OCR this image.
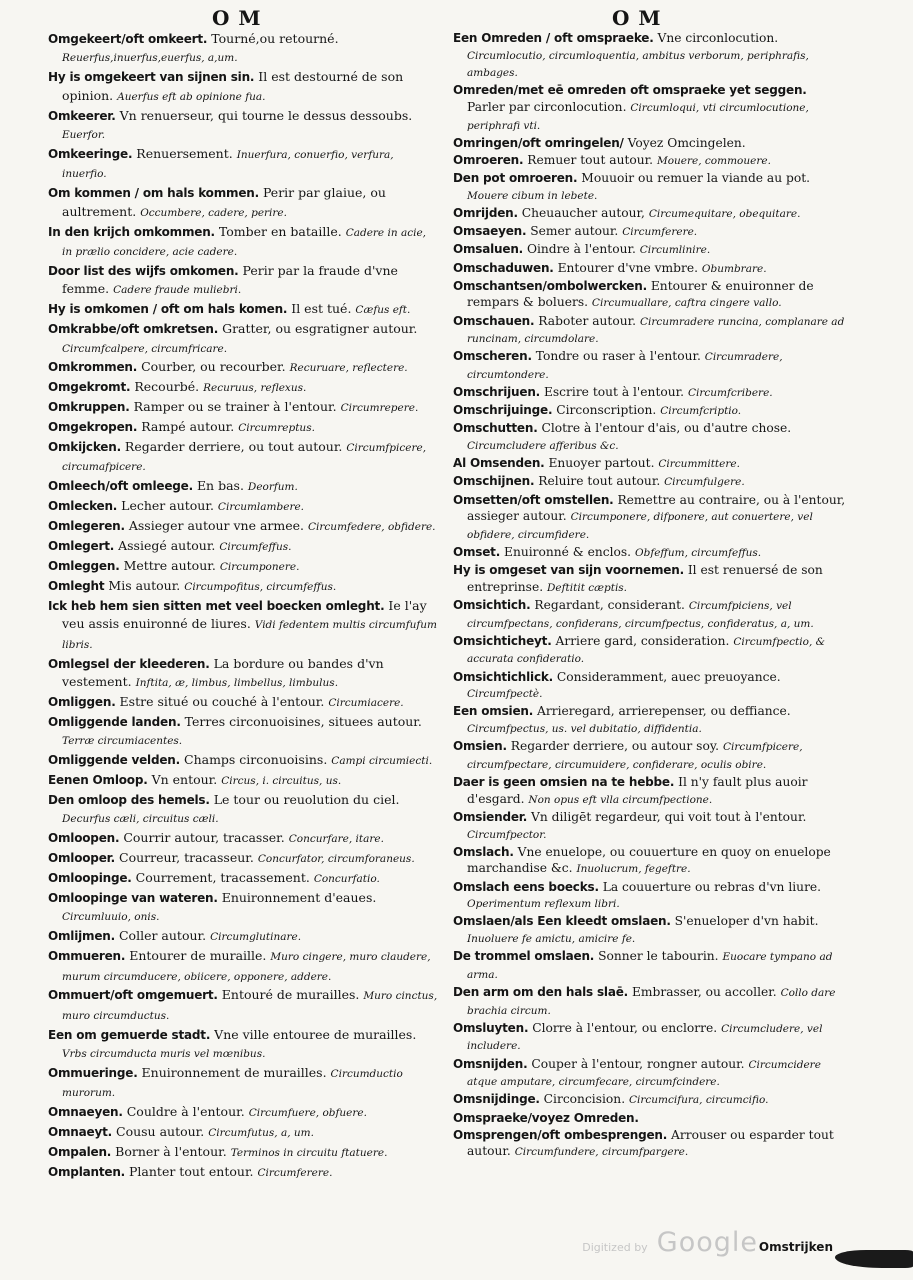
O M	O M
Omgekeert/oft omkeert. Tourné,ou retourné. Reuerfus,inuerfus,euerfus, a,um.
Hy is omgekeert van sijnen sin. Il est destourné de son opinion. Auerfus eft ab opinione fua.
Omkeerer. Vn renuerseur, qui tourne le dessus dessoubs. Euerfor.
Omkeeringe. Renuersement. Inuerfura, conuerfio, verfura, inuerfio.
Om kommen / om hals kommen. Perir par glaiue, ou aultrement. Occumbere, cadere, perire.
In den krijch omkommen. Tomber en bataille. Cadere in acie, in prælio concidere, acie cadere.
Door list des wijfs omkomen. Perir par la fraude d'vne femme. Cadere fraude muliebri.
Hy is omkomen / oft om hals komen. Il est tué. Cæfus eft.
Omkrabbe/oft omkretsen. Gratter, ou esgratigner autour. Circumfcalpere, circumfricare.
Omkrommen. Courber, ou recourber. Recuruare, reflectere.
Omgekromt. Recourbé. Recuruus, reflexus.
Omkruppen. Ramper ou se trainer à l'entour. Circumrepere.
Omgekropen. Rampé autour. Circumreptus.
Omkijcken. Regarder derriere, ou tout autour. Circumfpicere, circumafpicere.
Omleech/oft omleege. En bas. Deorfum.
Omlecken. Lecher autour. Circumlambere.
Omlegeren. Assieger autour vne armee. Circumfedere, obfidere.
Omlegert. Assiegé autour. Circumfeffus.
Omleggen. Mettre autour. Circumponere.
Omleght Mis autour. Circumpofitus, circumfeffus.
Ick heb hem sien sitten met veel boecken omleght. Ie l'ay veu assis enuironné de liures. Vidi fedentem multis circumfufum libris.
Omlegsel der kleederen. La bordure ou bandes d'vn vestement. Inftita, æ, limbus, limbellus, limbulus.
Omliggen. Estre situé ou couché à l'entour. Circumiacere.
Omliggende landen. Terres circonuoisines, situees autour. Terræ circumiacentes.
Omliggende velden. Champs circonuoisins. Campi circumiecti.
Eenen Omloop. Vn entour. Circus, i. circuitus, us.
Den omloop des hemels. Le tour ou reuolution du ciel. Decurfus cæli, circuitus cæli.
Omloopen. Courrir autour, tracasser. Concurfare, itare.
Omlooper. Courreur, tracasseur. Concurfator, circumforaneus.
Omloopinge. Courrement, tracassement. Concurfatio.
Omloopinge van wateren. Enuironnement d'eaues. Circumluuio, onis.
Omlijmen. Coller autour. Circumglutinare.
Ommueren. Entourer de muraille. Muro cingere, muro claudere, murum circumducere, obiicere, opponere, addere.
Ommuert/oft omgemuert. Entouré de murailles. Muro cinctus, muro circumductus.
Een om gemuerde stadt. Vne ville entouree de murailles. Vrbs circumducta muris vel mœnibus.
Ommueringe. Enuironnement de murailles. Circumductio murorum.
Omnaeyen. Couldre à l'entour. Circumfuere, obfuere.
Omnaeyt. Cousu autour. Circumfutus, a, um.
Ompalen. Borner à l'entour. Terminos in circuitu ftatuere.
Omplanten. Planter tout entour. Circumferere.
Een Omreden / oft omspraeke. Vne circonlocution. Circumlocutio, circumloquentia, ambitus verborum, periphrafis, ambages.
Omreden/met eē omreden oft omspraeke yet seggen. Parler par circonlocution. Circumloqui, vti circumlocutione, periphrafi vti.
Omringen/oft omringelen/ Voyez Omcingelen.
Omroeren. Remuer tout autour. Mouere, commouere.
Den pot omroeren. Mouuoir ou remuer la viande au pot. Mouere cibum in lebete.
Omrijden. Cheuaucher autour, Circumequitare, obequitare.
Omsaeyen. Semer autour. Circumferere.
Omsaluen. Oindre à l'entour. Circumlinire.
Omschaduwen. Entourer d'vne vmbre. Obumbrare.
Omschantsen/ombolwercken. Entourer & enuironner de rempars & boluers. Circumuallare, caftra cingere vallo.
Omschauen. Raboter autour. Circumradere runcina, complanare ad runcinam, circumdolare.
Omscheren. Tondre ou raser à l'entour. Circumradere, circumtondere.
Omschrijuen. Escrire tout à l'entour. Circumfcribere.
Omschrijuinge. Circonscription. Circumfcriptio.
Omschutten. Clotre à l'entour d'ais, ou d'autre chose. Circumcludere afferibus &c.
Al Omsenden. Enuoyer partout. Circummittere.
Omschijnen. Reluire tout autour. Circumfulgere.
Omsetten/oft omstellen. Remettre au contraire, ou à l'entour, assieger autour. Circumponere, difponere, aut conuertere, vel obfidere, circumfidere.
Omset. Enuironné & enclos. Obfeffum, circumfeffus.
Hy is omgeset van sijn voornemen. Il est renuersé de son entreprinse. Deftitit cæptis.
Omsichtich. Regardant, considerant. Circumfpiciens, vel circumfpectans, confiderans, circumfpectus, confideratus, a, um.
Omsichticheyt. Arriere gard, consideration. Circumfpectio, & accurata confideratio.
Omsichtichlick. Consideramment, auec preuoyance. Circumfpectè.
Een omsien. Arrieregard, arrierepenser, ou deffiance. Circumfpectus, us. vel dubitatio, diffidentia.
Omsien. Regarder derriere, ou autour soy. Circumfpicere, circumfpectare, circumuidere, confiderare, oculis obire.
Daer is geen omsien na te hebbe. Il n'y fault plus auoir d'esgard. Non opus eft vlla circumfpectione.
Omsiender. Vn diligēt regardeur, qui voit tout à l'entour. Circumfpector.
Omslach. Vne enuelope, ou couuerture en quoy on enuelope marchandise &c. Inuolucrum, fegeftre.
Omslach eens boecks. La couuerture ou rebras d'vn liure. Operimentum reflexum libri.
Omslaen/als Een kleedt omslaen. S'enueloper d'vn habit. Inuoluere fe amictu, amicire fe.
De trommel omslaen. Sonner le tabourin. Euocare tympano ad arma.
Den arm om den hals slaē. Embrasser, ou accoller. Collo dare brachia circum.
Omsluyten. Clorre à l'entour, ou enclorre. Circumcludere, vel includere.
Omsnijden. Couper à l'entour, rongner autour. Circumcidere atque amputare, circumfecare, circumfcindere.
Omsnijdinge. Circoncision. Circumcifura, circumcifio.
Omspraeke/voyez Omreden.
Omsprengen/oft ombesprengen. Arrouser ou esparder tout autour. Circumfundere, circumfpargere.
Omstrijken
Digitized by Google
